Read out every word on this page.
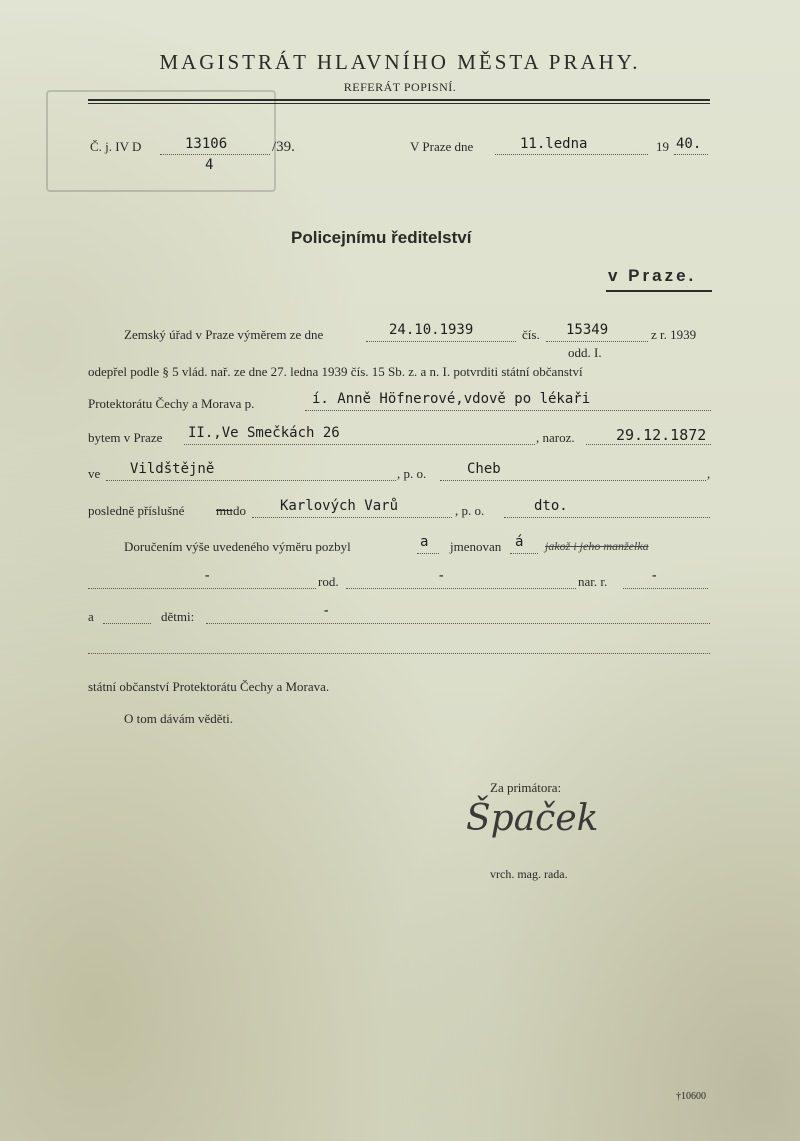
MAGISTRÁT HLAVNÍHO MĚSTA PRAHY.
REFERÁT POPISNÍ.
Č. j. IV D	13106	/39.
4
V Praze dne	11.ledna	19 40.
Policejnímu ředitelství
v Praze.
Zemský úřad v Praze výměrem ze dne	24.10.1939	čís. 15349	z r. 1939
odd. I.
odepřel podle § 5 vlád. nař. ze dne 27. ledna 1939 čís. 15 Sb. z. a n. I. potvrditi státní občanství
Protektorátu Čechy a Morava p.	í. Anně Höfnerové,vdově po lékaři
bytem v Praze II.,Ve Smečkách 26	, naroz.	29.12.1872
ve Vildštějně	, p. o.	Cheb	,
posledně příslušné mu do Karlových Varů	, p. o.	dto.
Doručením výše uvedeného výměru pozbyl	a jmenovan á jakož i jeho manželka
-	rod.	-	nar. r.	-
a	dětmi:	-
státní občanství Protektorátu Čechy a Morava.
O tom dávám věděti.
Za primátora:
Špaček
vrch. mag. rada.
†10600
